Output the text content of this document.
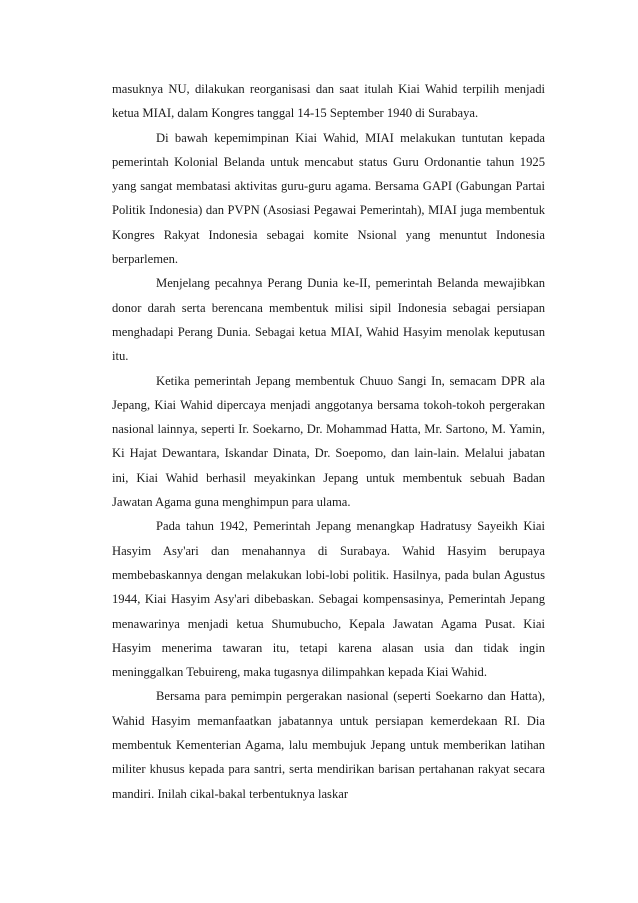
masuknya NU, dilakukan reorganisasi dan saat itulah Kiai Wahid terpilih menjadi ketua MIAI, dalam Kongres tanggal 14-15 September 1940 di Surabaya.

Di bawah kepemimpinan Kiai Wahid, MIAI melakukan tuntutan kepada pemerintah Kolonial Belanda untuk mencabut status Guru Ordonantie tahun 1925 yang sangat membatasi aktivitas guru-guru agama. Bersama GAPI (Gabungan Partai Politik Indonesia) dan PVPN (Asosiasi Pegawai Pemerintah), MIAI juga membentuk Kongres Rakyat Indonesia sebagai komite Nsional yang menuntut Indonesia berparlemen.

Menjelang pecahnya Perang Dunia ke-II, pemerintah Belanda mewajibkan donor darah serta berencana membentuk milisi sipil Indonesia sebagai persiapan menghadapi Perang Dunia. Sebagai ketua MIAI, Wahid Hasyim menolak keputusan itu.

Ketika pemerintah Jepang membentuk Chuuo Sangi In, semacam DPR ala Jepang, Kiai Wahid dipercaya menjadi anggotanya bersama tokoh-tokoh pergerakan nasional lainnya, seperti Ir. Soekarno, Dr. Mohammad Hatta, Mr. Sartono, M. Yamin, Ki Hajat Dewantara, Iskandar Dinata, Dr. Soepomo, dan lain-lain. Melalui jabatan ini, Kiai Wahid berhasil meyakinkan Jepang untuk membentuk sebuah Badan Jawatan Agama guna menghimpun para ulama.

Pada tahun 1942, Pemerintah Jepang menangkap Hadratusy Sayeikh Kiai Hasyim Asy'ari dan menahannya di Surabaya. Wahid Hasyim berupaya membebaskannya dengan melakukan lobi-lobi politik. Hasilnya, pada bulan Agustus 1944, Kiai Hasyim Asy'ari dibebaskan. Sebagai kompensasinya, Pemerintah Jepang menawarinya menjadi ketua Shumubucho, Kepala Jawatan Agama Pusat. Kiai Hasyim menerima tawaran itu, tetapi karena alasan usia dan tidak ingin meninggalkan Tebuireng, maka tugasnya dilimpahkan kepada Kiai Wahid.

Bersama para pemimpin pergerakan nasional (seperti Soekarno dan Hatta), Wahid Hasyim memanfaatkan jabatannya untuk persiapan kemerdekaan RI. Dia membentuk Kementerian Agama, lalu membujuk Jepang untuk memberikan latihan militer khusus kepada para santri, serta mendirikan barisan pertahanan rakyat secara mandiri. Inilah cikal-bakal terbentuknya laskar
